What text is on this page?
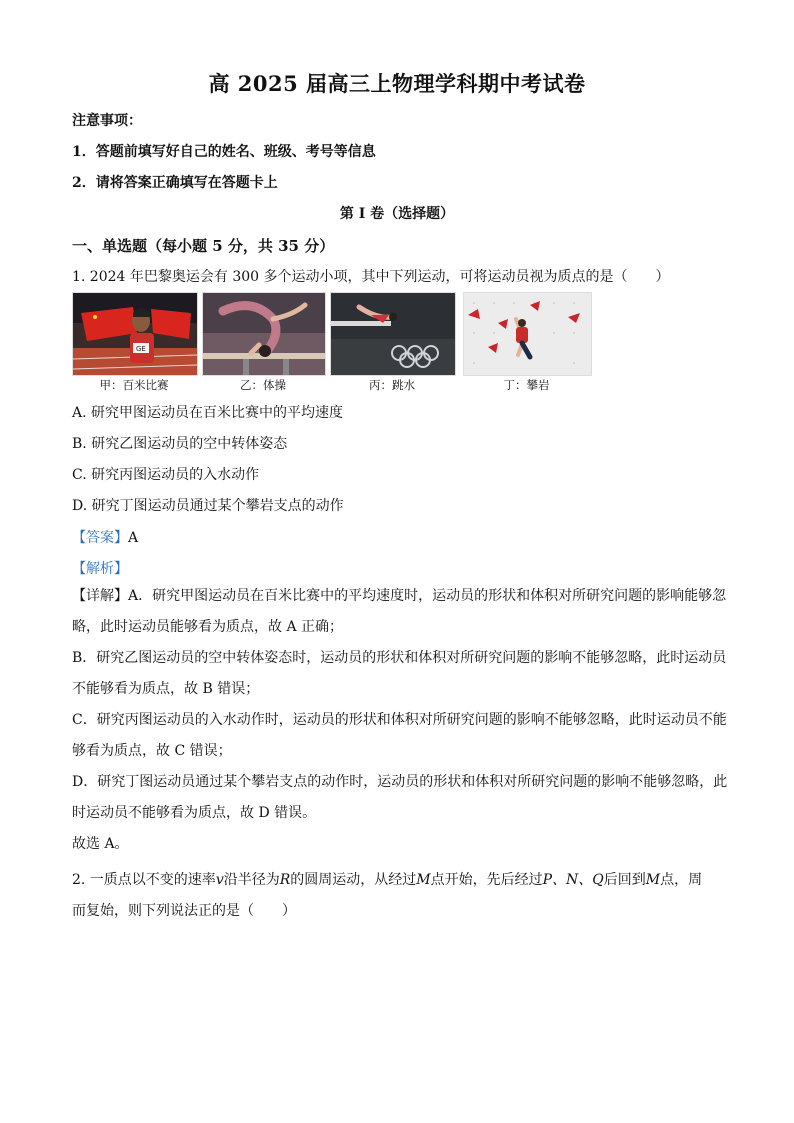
高 2025 届高三上物理学科期中考试卷
注意事项：
1．答题前填写好自己的姓名、班级、考号等信息
2．请将答案正确填写在答题卡上
第 I 卷（选择题）
一、单选题（每小题 5 分，共 35 分）
1. 2024 年巴黎奥运会有 300 多个运动小项，其中下列运动，可将运动员视为质点的是（　　）
GE
甲：百米比赛	乙：体操	丙：跳水	丁：攀岩
A. 研究甲图运动员在百米比赛中的平均速度
B. 研究乙图运动员的空中转体姿态
C. 研究丙图运动员的入水动作
D. 研究丁图运动员通过某个攀岩支点的动作
【答案】A
【解析】
【详解】A．研究甲图运动员在百米比赛中的平均速度时，运动员的形状和体积对所研究问题的影响能够忽
略，此时运动员能够看为质点，故 A 正确；
B．研究乙图运动员的空中转体姿态时，运动员的形状和体积对所研究问题的影响不能够忽略，此时运动员
不能够看为质点，故 B 错误；
C．研究丙图运动员的入水动作时，运动员的形状和体积对所研究问题的影响不能够忽略，此时运动员不能
够看为质点，故 C 错误；
D．研究丁图运动员通过某个攀岩支点的动作时，运动员的形状和体积对所研究问题的影响不能够忽略，此
时运动员不能够看为质点，故 D 错误。
故选 A。
2. 一质点以不变的速率v沿半径为R的圆周运动，从经过M点开始，先后经过P、N、Q后回到M点，周
而复始，则下列说法正的是（　　）
